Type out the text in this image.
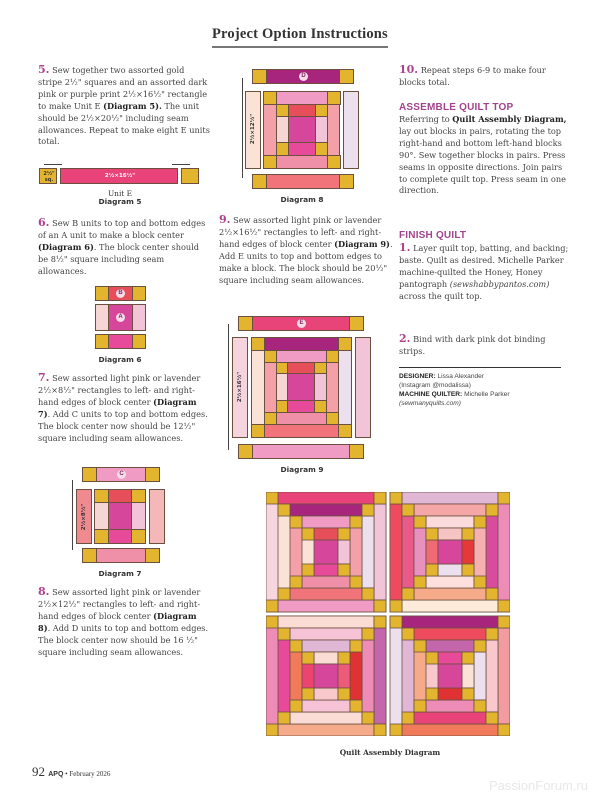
Project Option Instructions
5. Sew together two assorted gold stripe 2½" squares and an assorted dark pink or purple print 2½×16½" rectangle to make Unit E (Diagram 5). The unit should be 2½×20½" including seam allowances. Repeat to make eight E units total.
2½" sq.
2½×16½"
Unit E
Diagram 5
6. Sew B units to top and bottom edges of an A unit to make a block center (Diagram 6). The block center should be 8½" square including seam allowances.
B
A
Diagram 6
7. Sew assorted light pink or lavender 2½×8½" rectangles to left- and right-hand edges of block center (Diagram 7). Add C units to top and bottom edges. The block center now should be 12½" square including seam allowances.
C
2½×8½"
Diagram 7
8. Sew assorted light pink or lavender 2½×12½" rectangles to left- and right-hand edges of block center (Diagram 8). Add D units to top and bottom edges. The block center now should be 16 ½" square including seam allowances.
D
2½×12½"
Diagram 8
9. Sew assorted light pink or lavender 2½×16½" rectangles to left- and right-hand edges of block center (Diagram 9). Add E units to top and bottom edges to make a block. The block should be 20½" square including seam allowances.
E
2½×16½"
Diagram 9
10. Repeat steps 6-9 to make four blocks total.
ASSEMBLE QUILT TOP
Referring to Quilt Assembly Diagram, lay out blocks in pairs, rotating the top right-hand and bottom left-hand blocks 90°. Sew together blocks in pairs. Press seams in opposite directions. Join pairs to complete quilt top. Press seam in one direction.
FINISH QUILT
1. Layer quilt top, batting, and backing; baste. Quilt as desired. Michelle Parker machine-quilted the Honey, Honey pantograph (sewshabbypantos.com) across the quilt top.
2. Bind with dark pink dot binding strips.
DESIGNER: Lissa Alexander
(Instagram @modalissa)
MACHINE QUILTER: Michelle Parker
(sewmanyquilts.com)
Quilt Assembly Diagram
92 APQ • February 2026
PassionForum.ru
